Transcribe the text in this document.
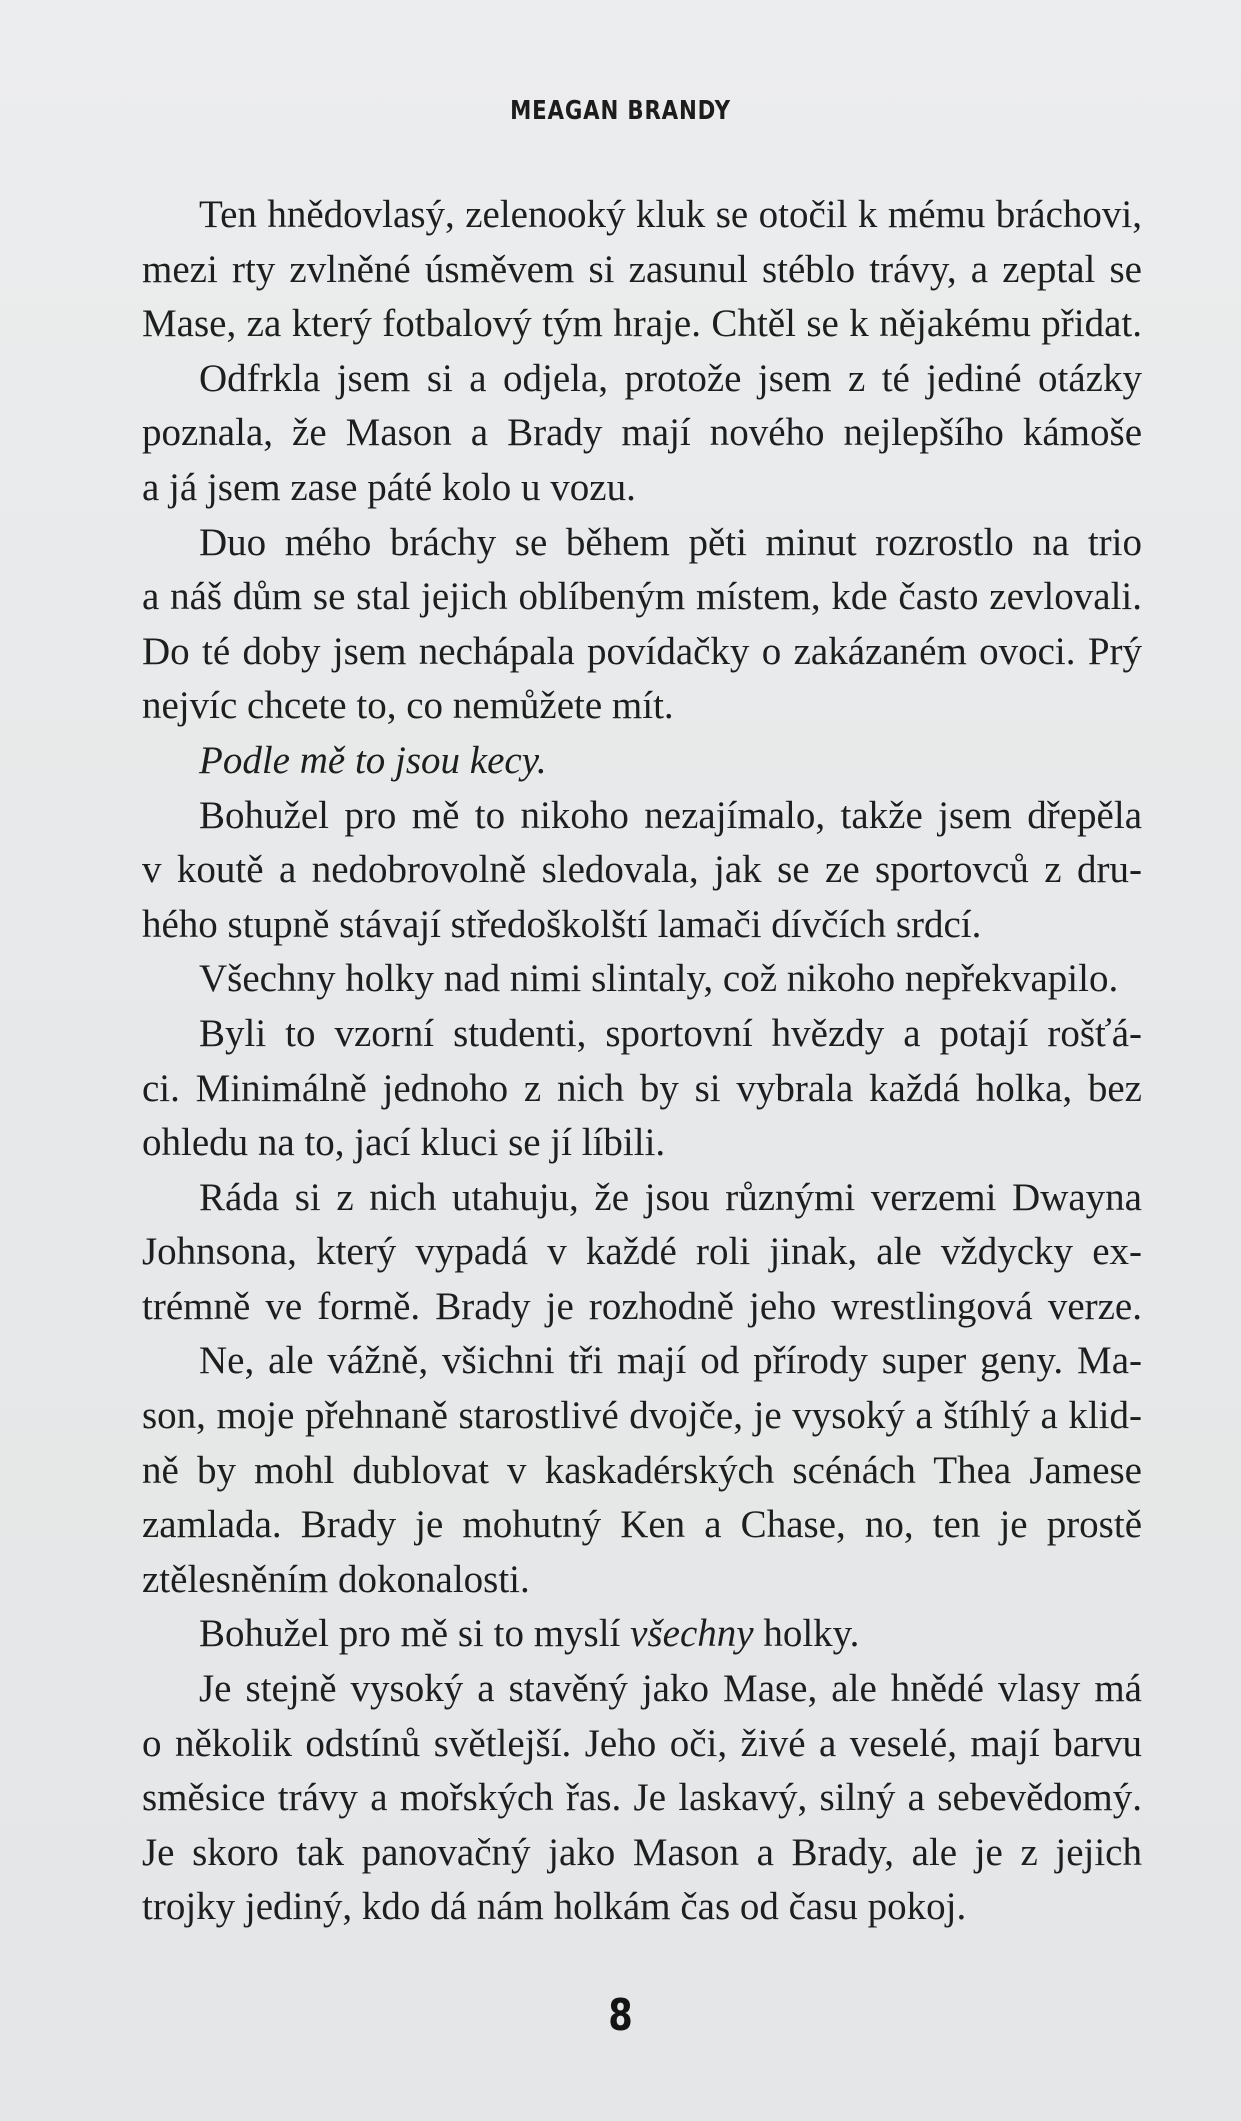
MEAGAN BRANDY

Ten hnědovlasý, zelenooký kluk se otočil k mému bráchovi,
mezi rty zvlněné úsměvem si zasunul stéblo trávy, a zeptal se
Mase, za který fotbalový tým hraje. Chtěl se k nějakému přidat.

Odfrkla jsem si a odjela, protože jsem z té jediné otázky
poznala, že Mason a Brady mají nového nejlepšího kámoše
a já jsem zase páté kolo u vozu.

Duo mého bráchy se během pěti minut rozrostlo na trio
a náš dům se stal jejich oblíbeným místem, kde často zevlovali.
Do té doby jsem nechápala povídačky o zakázaném ovoci. Prý
nejvíc chcete to, co nemůžete mít.

Podle mě to jsou kecy.

Bohužel pro mě to nikoho nezajímalo, takže jsem dřepěla
v koutě a nedobrovolně sledovala, jak se ze sportovců z dru-
hého stupně stávají středoškolští lamači dívčích srdcí.

Všechny holky nad nimi slintaly, což nikoho nepřekvapilo.

Byli to vzorní studenti, sportovní hvězdy a potají rošťá-
ci. Minimálně jednoho z nich by si vybrala každá holka, bez
ohledu na to, jací kluci se jí líbili.

Ráda si z nich utahuju, že jsou různými verzemi Dwayna
Johnsona, který vypadá v každé roli jinak, ale vždycky ex-
trémně ve formě. Brady je rozhodně jeho wrestlingová verze.

Ne, ale vážně, všichni tři mají od přírody super geny. Ma-
son, moje přehnaně starostlivé dvojče, je vysoký a štíhlý a klid-
ně by mohl dublovat v kaskadérských scénách Thea Jamese
zamlada. Brady je mohutný Ken a Chase, no, ten je prostě
ztělesněním dokonalosti.

Bohužel pro mě si to myslí všechny holky.

Je stejně vysoký a stavěný jako Mase, ale hnědé vlasy má
o několik odstínů světlejší. Jeho oči, živé a veselé, mají barvu
směsice trávy a mořských řas. Je laskavý, silný a sebevědomý.
Je skoro tak panovačný jako Mason a Brady, ale je z jejich
trojky jediný, kdo dá nám holkám čas od času pokoj.

8
